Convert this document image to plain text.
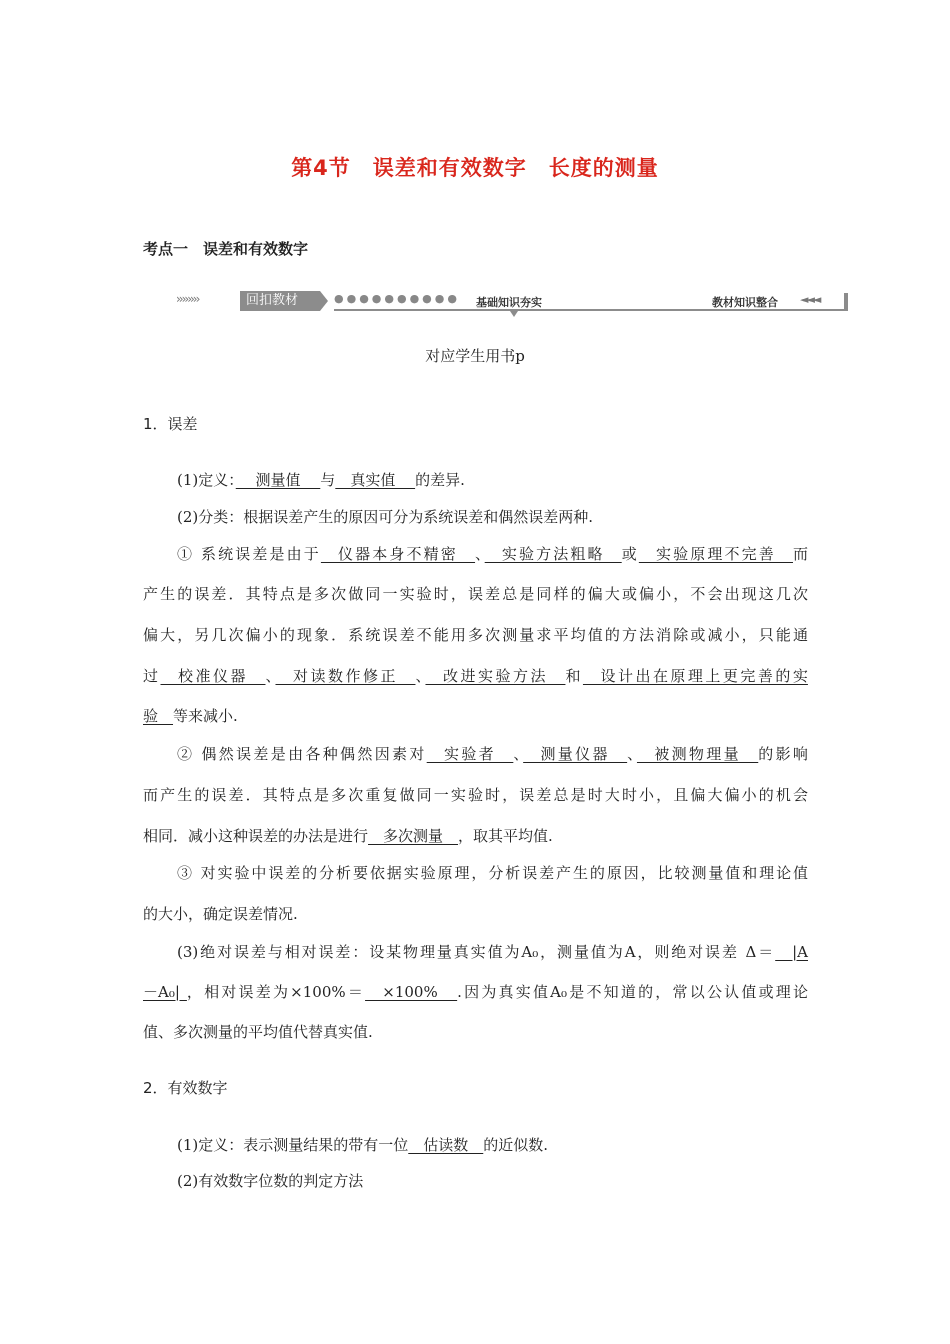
第4节　误差和有效数字　长度的测量
考点一　误差和有效数字
››››››››	回扣教材	●●●●●●●●●● 基础知识夯实	教材知识整合 ◄◄◄
对应学生用书p
1．误差
(1)定义：　 测量值 　与　真实值　 的差异.
(2)分类：根据误差产生的原因可分为系统误差和偶然误差两种.
① 系统误差是由于　仪器本身不精密　、　实验方法粗略　或　实验原理不完善　而
产生的误差．其特点是多次做同一实验时，误差总是同样的偏大或偏小，不会出现这几次
偏大，另几次偏小的现象．系统误差不能用多次测量求平均值的方法消除或减小，只能通
过　校准仪器　、　对读数作修正　、　改进实验方法　和　设计出在原理上更完善的实
验　等来减小.
② 偶然误差是由各种偶然因素对　实验者　、　测量仪器　、　被测物理量　的影响
而产生的误差．其特点是多次重复做同一实验时，误差总是时大时小，且偏大偏小的机会
相同．减小这种误差的办法是进行　多次测量　，取其平均值.
③ 对实验中误差的分析要依据实验原理，分析误差产生的原因，比较测量值和理论值
的大小，确定误差情况.
(3)绝对误差与相对误差：设某物理量真实值为A₀，测量值为A，则绝对误差 Δ＝　|A
－A₀| ，相对误差为×100%＝　×100%　.因为真实值A₀是不知道的，常以公认值或理论
值、多次测量的平均值代替真实值.
2．有效数字
(1)定义：表示测量结果的带有一位　估读数　的近似数.
(2)有效数字位数的判定方法
